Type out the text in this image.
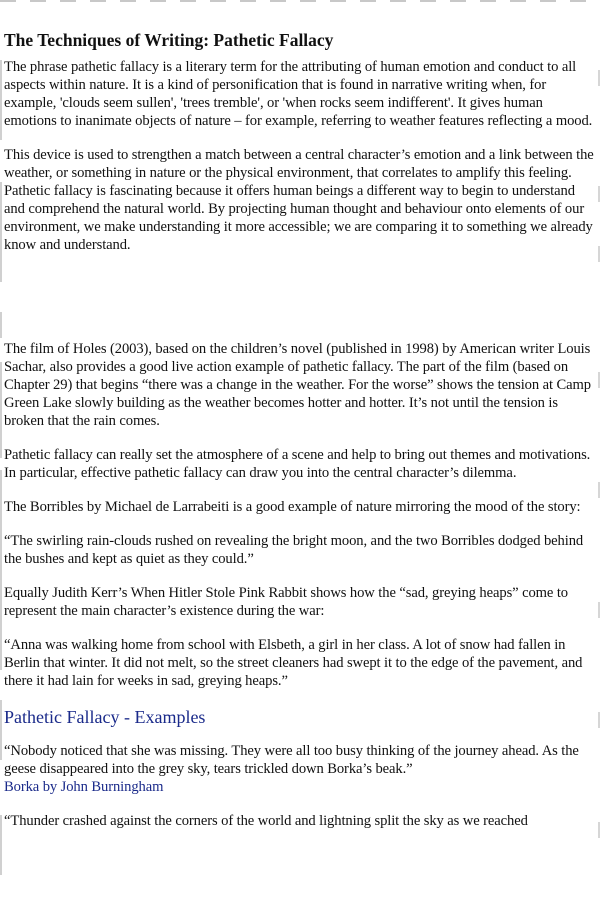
The Techniques of Writing: Pathetic Fallacy

The phrase pathetic fallacy is a literary term for the attributing of human emotion and conduct to all aspects within nature. It is a kind of personification that is found in narrative writing when, for example, 'clouds seem sullen', 'trees tremble', or 'when rocks seem indifferent'. It gives human emotions to inanimate objects of nature – for example, referring to weather features reflecting a mood.

This device is used to strengthen a match between a central character’s emotion and a link between the weather, or something in nature or the physical environment, that correlates to amplify this feeling. Pathetic fallacy is fascinating because it offers human beings a different way to begin to understand and comprehend the natural world. By projecting human thought and behaviour onto elements of our environment, we make understanding it more accessible; we are comparing it to something we already know and understand.

The film of Holes (2003), based on the children’s novel (published in 1998) by American writer Louis Sachar, also provides a good live action example of pathetic fallacy. The part of the film (based on Chapter 29) that begins “there was a change in the weather. For the worse” shows the tension at Camp Green Lake slowly building as the weather becomes hotter and hotter. It’s not until the tension is broken that the rain comes.

Pathetic fallacy can really set the atmosphere of a scene and help to bring out themes and motivations. In particular, effective pathetic fallacy can draw you into the central character’s dilemma.

The Borribles by Michael de Larrabeiti is a good example of nature mirroring the mood of the story:

“The swirling rain-clouds rushed on revealing the bright moon, and the two Borribles dodged behind the bushes and kept as quiet as they could.”

Equally Judith Kerr’s When Hitler Stole Pink Rabbit shows how the “sad, greying heaps” come to represent the main character’s existence during the war:

“Anna was walking home from school with Elsbeth, a girl in her class. A lot of snow had fallen in Berlin that winter. It did not melt, so the street cleaners had swept it to the edge of the pavement, and there it had lain for weeks in sad, greying heaps.”

Pathetic Fallacy - Examples

“Nobody noticed that she was missing. They were all too busy thinking of the journey ahead. As the geese disappeared into the grey sky, tears trickled down Borka’s beak.”
Borka by John Burningham

“Thunder crashed against the corners of the world and lightning split the sky as we reached
